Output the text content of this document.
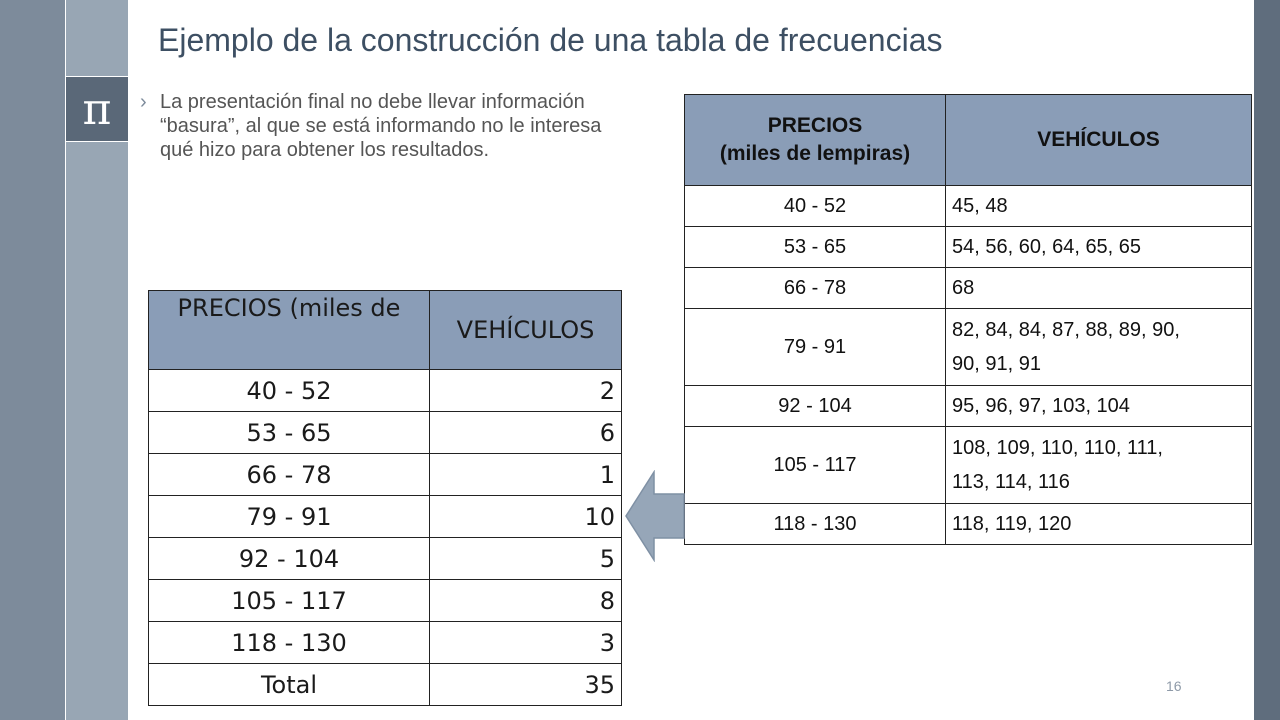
π
Ejemplo de la construcción de una tabla de frecuencias
› La presentación final no debe llevar información “basura”, al que se está informando no le interesa qué hizo para obtener los resultados.
PRECIOS (miles de	VEHÍCULOS
40 - 52	2
53 - 65	6
66 - 78	1
79 - 91	10
92 - 104	5
105 - 117	8
118 - 130	3
Total	35
PRECIOS
(miles de lempiras)	VEHÍCULOS
40 - 52	45, 48

53 - 65	54, 56, 60, 64, 65, 65

66 - 78	68

79 - 91	82, 84, 84, 87, 88, 89, 90,
90, 91, 91

92 - 104	95, 96, 97, 103, 104

105 - 117	108, 109, 110, 110, 111,
113, 114, 116

118 - 130	118, 119, 120
16
